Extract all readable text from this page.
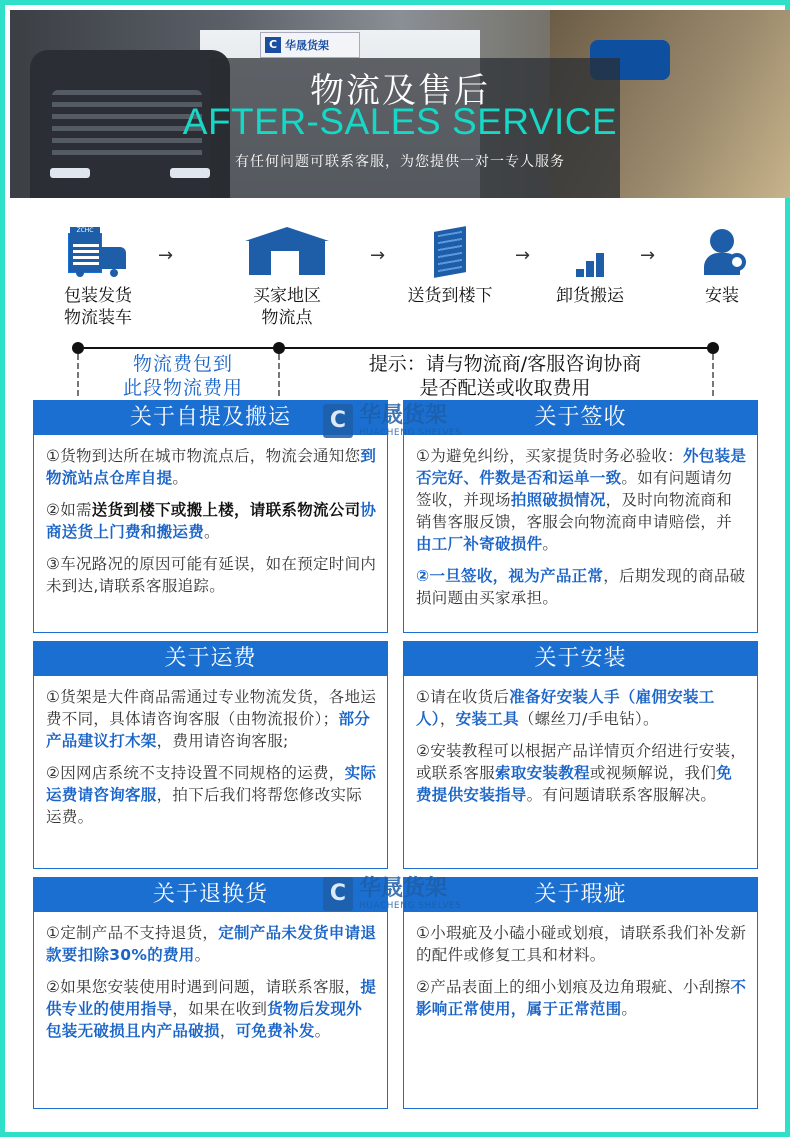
C 华晟货架
物流及售后
AFTER-SALES SERVICE
有任何问题可联系客服，为您提供一对一专人服务
ZCHC
包装发货
物流装车
→
买家地区
物流点
→
送货到楼下
→
卸货搬运
→
安装
物流费包到
此段物流费用
提示：请与物流商/客服咨询协商
是否配送或收取费用
关于自提及搬运

①货物到达所在城市物流点后，物流会通知您到物流站点仓库自提。

②如需送货到楼下或搬上楼，请联系物流公司协商送货上门费和搬运费。

③车况路况的原因可能有延误，如在预定时间内未到达,请联系客服追踪。

关于签收

①为避免纠纷，买家提货时务必验收：外包装是否完好、件数是否和运单一致。如有问题请勿签收，并现场拍照破损情况，及时向物流商和销售客服反馈，客服会向物流商申请赔偿，并由工厂补寄破损件。

②一旦签收，视为产品正常，后期发现的商品破损问题由买家承担。

C 华晟货架
HUACHENG SHELVES
关于运费

①货架是大件商品需通过专业物流发货，各地运费不同，具体请咨询客服（由物流报价）；部分产品建议打木架，费用请咨询客服;

②因网店系统不支持设置不同规格的运费，实际运费请咨询客服，拍下后我们将帮您修改实际运费。

关于安装

①请在收货后准备好安装人手（雇佣安装工人），安装工具（螺丝刀/手电钻）。

②安装教程可以根据产品详情页介绍进行安装，或联系客服索取安装教程或视频解说，我们免费提供安装指导。有问题请联系客服解决。

关于退换货

①定制产品不支持退货，定制产品未发货申请退款要扣除30%的费用。

②如果您安装使用时遇到问题，请联系客服，提供专业的使用指导，如果在收到货物后发现外包装无破损且内产品破损，可免费补发。

关于瑕疵

①小瑕疵及小磕小碰或划痕，请联系我们补发新的配件或修复工具和材料。

②产品表面上的细小划痕及边角瑕疵、小刮擦不影响正常使用，属于正常范围。

C 华晟货架
HUACHENG SHELVES
